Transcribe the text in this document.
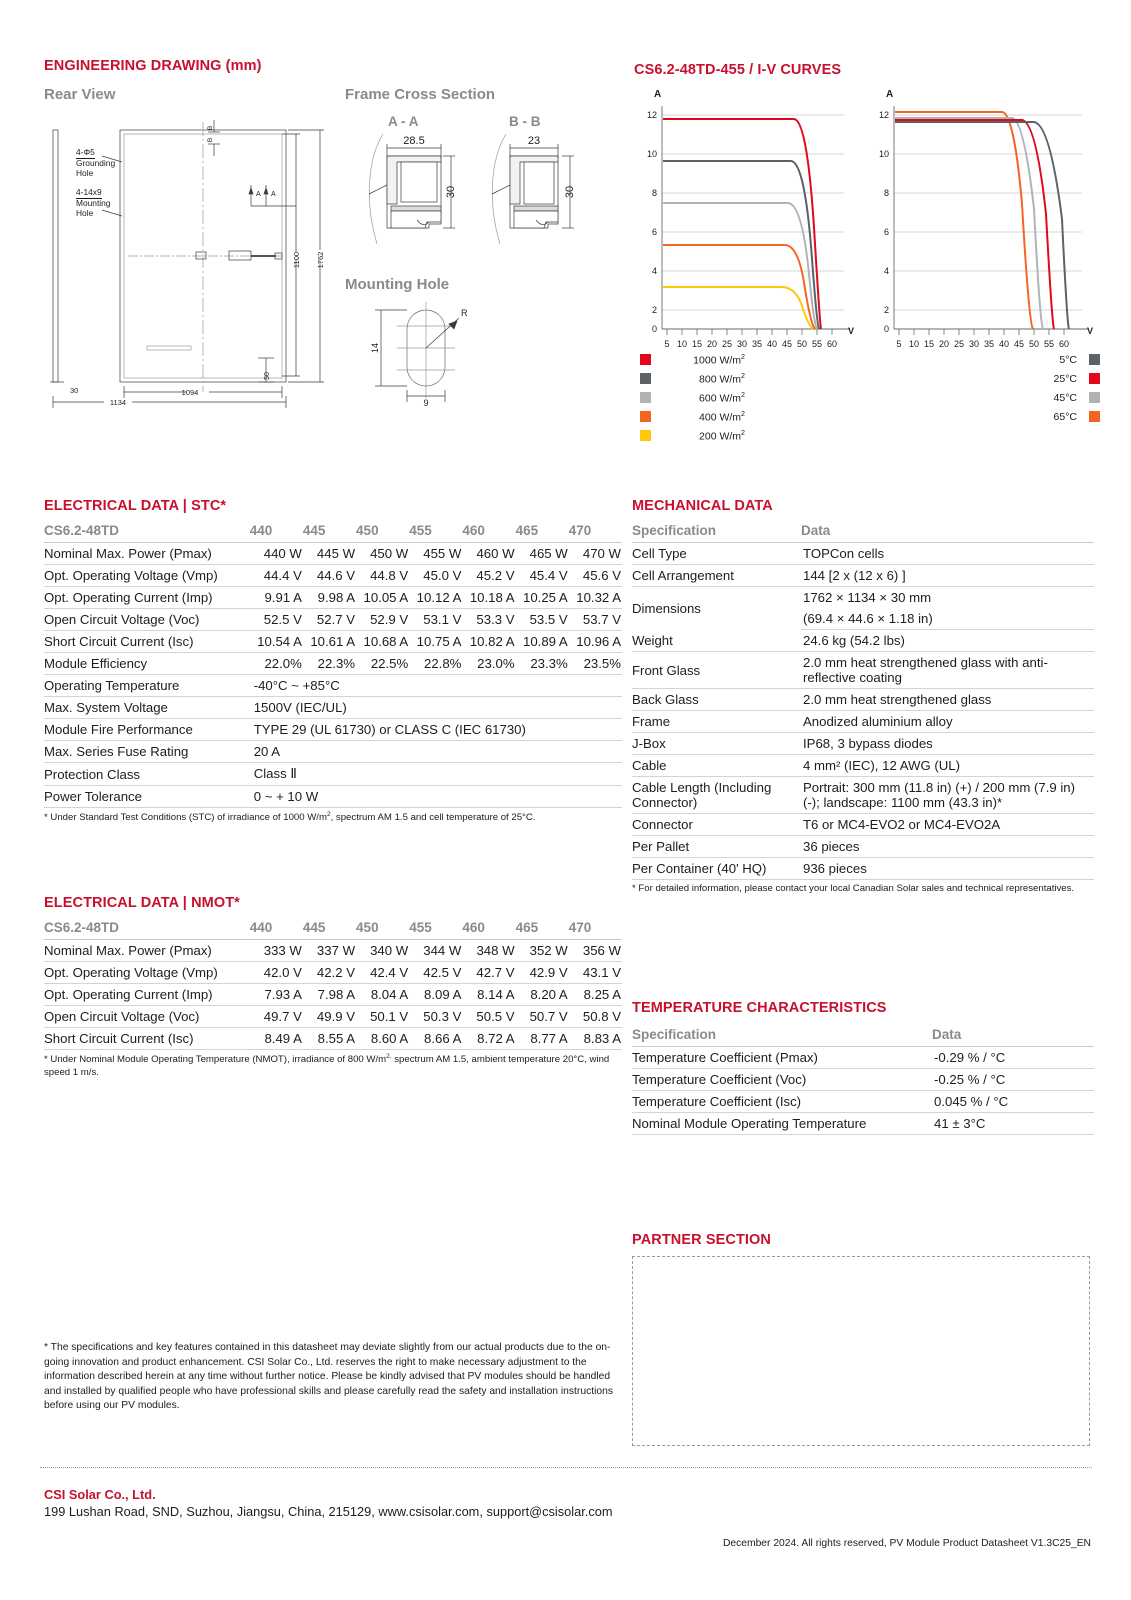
ENGINEERING DRAWING (mm)
Rear View	Frame Cross Section
Mounting Hole
A - A	B - B
1094
1134
30
A A
1100 1762
50
B
B
4-Φ5
Grounding
Hole
4-14x9
Mounting
Hole
28.5
30
23
30
14
9
R
CS6.2-48TD-455 / I-V CURVES
A
V
12
10
8
6
4
2
0
5 10 15 20 25 30 35 40 45 50 55 60
A
V
12
10
8
6
4
2
0
5 10 15 20 25 30 35 40 45 50 55 60
1000 $W/m^2$
800 $W/m^2$
600 $W/m^2$
400 $W/m^2$
200 $W/m^2$
5°C
25°C
45°C
65°C
ELECTRICAL DATA | STC*
CS6.2-48TD	440	445	450	455	460	465	470
Nominal Max. Power (Pmax)	440 W	445 W	450 W	455 W	460 W	465 W	470 W
Opt. Operating Voltage (Vmp)	44.4 V	44.6 V	44.8 V	45.0 V	45.2 V	45.4 V	45.6 V
Opt. Operating Current (Imp)	9.91 A	9.98 A	10.05 A	10.12 A	10.18 A	10.25 A	10.32 A
Open Circuit Voltage (Voc)	52.5 V	52.7 V	52.9 V	53.1 V	53.3 V	53.5 V	53.7 V
Short Circuit Current (Isc)	10.54 A	10.61 A	10.68 A	10.75 A	10.82 A	10.89 A	10.96 A
Module Efficiency	22.0%	22.3%	22.5%	22.8%	23.0%	23.3%	23.5%
Operating Temperature	-40°C ~ +85°C						
Max. System Voltage	1500V (IEC/UL)						
Module Fire Performance	TYPE 29 (UL 61730) or CLASS C (IEC 61730)						
Max. Series Fuse Rating	20 A						
Protection Class	Class Ⅱ						
Power Tolerance	0 ~ + 10 W						
* Under Standard Test Conditions (STC) of irradiance of 1000 $W/m^2$, spectrum AM 1.5 and cell temperature of 25°C.
ELECTRICAL DATA | NMOT*
CS6.2-48TD	440	445	450	455	460	465	470
Nominal Max. Power (Pmax)	333 W	337 W	340 W	344 W	348 W	352 W	356 W
Opt. Operating Voltage (Vmp)	42.0 V	42.2 V	42.4 V	42.5 V	42.7 V	42.9 V	43.1 V
Opt. Operating Current (Imp)	7.93 A	7.98 A	8.04 A	8.09 A	8.14 A	8.20 A	8.25 A
Open Circuit Voltage (Voc)	49.7 V	49.9 V	50.1 V	50.3 V	50.5 V	50.7 V	50.8 V
Short Circuit Current (Isc)	8.49 A	8.55 A	8.60 A	8.66 A	8.72 A	8.77 A	8.83 A
* Under Nominal Module Operating Temperature (NMOT), irradiance of 800 $W/m^{2,}$ spectrum AM 1.5, ambient temperature 20°C, wind speed 1 m/s.
MECHANICAL DATA
Specification	Data
Cell Type	TOPCon cells
Cell Arrangement	144 [2 x (12 x 6) ]
Dimensions	1762 × 1134 × 30 mm
	(69.4 × 44.6 × 1.18 in)
Weight	24.6 kg (54.2 lbs)
Front Glass	2.0 mm heat strengthened glass with anti-reflective coating
Back Glass	2.0 mm heat strengthened glass
Frame	Anodized aluminium alloy
J-Box	IP68, 3 bypass diodes
Cable	4 mm² (IEC), 12 AWG (UL)
Cable Length (Including Connector)	Portrait: 300 mm (11.8 in) (+) / 200 mm (7.9 in) (-); landscape: 1100 mm (43.3 in)*
Connector	T6 or MC4-EVO2 or MC4-EVO2A
Per Pallet	36 pieces
Per Container (40' HQ)	936 pieces
* For detailed information, please contact your local Canadian Solar sales and technical representatives.
TEMPERATURE CHARACTERISTICS
Specification	Data
Temperature Coefficient (Pmax)	-0.29 % / °C
Temperature Coefficient (Voc)	-0.25 % / °C
Temperature Coefficient (Isc)	0.045 % / °C
Nominal Module Operating Temperature	41 ± 3°C
PARTNER SECTION
* The specifications and key features contained in this datasheet may deviate slightly from our actual products due to the on-going innovation and product enhancement. CSI Solar Co., Ltd. reserves the right to make necessary adjustment to the information described herein at any time without further notice. Please be kindly advised that PV modules should be handled and installed by qualified people who have professional skills and please carefully read the safety and installation instructions before using our PV modules.
CSI Solar Co., Ltd.
199 Lushan Road, SND, Suzhou, Jiangsu, China, 215129, www.csisolar.com, support@csisolar.com
December 2024. All rights reserved, PV Module Product Datasheet V1.3C25_EN
